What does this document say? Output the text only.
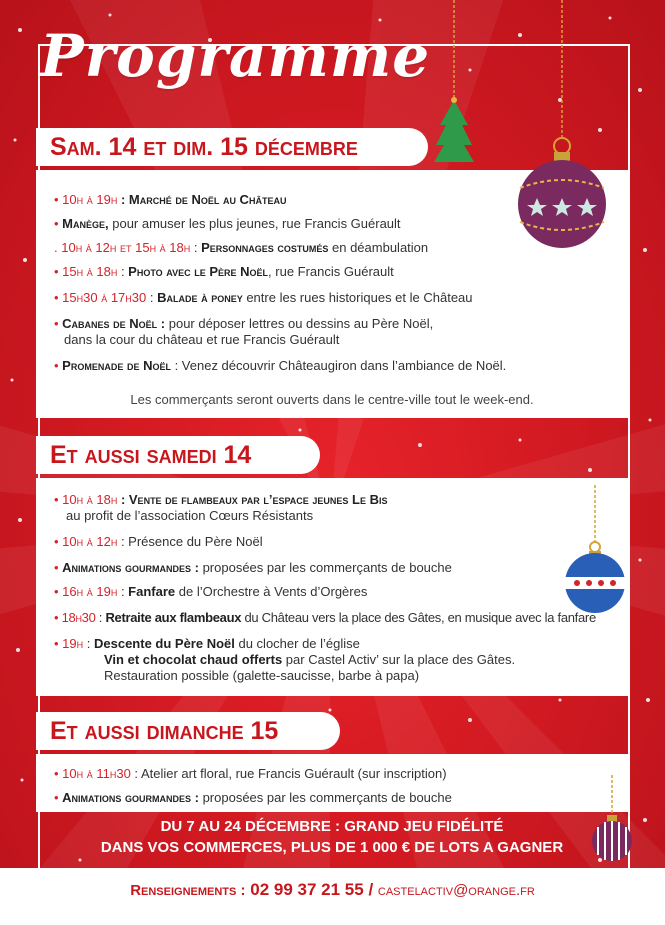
Programme
Sam. 14 et dim. 15 décembre
• 10h à 19h : Marché de Noël au Château
• Manège, pour amuser les plus jeunes, rue Francis Guérault
. 10h à 12h et 15h à 18h : Personnages costumés en déambulation
• 15h à 18h : Photo avec le Père Noël, rue Francis Guérault
• 15h30 à 17h30 : Balade à poney entre les rues historiques et le Château
• Cabanes de Noël : pour déposer lettres ou dessins au Père Noël,
dans la cour du château et rue Francis Guérault
• Promenade de Noël : Venez découvrir Châteaugiron dans l’ambiance de Noël.
Les commerçants seront ouverts dans le centre-ville tout le week-end.
Et aussi samedi 14
• 10h à 18h : Vente de flambeaux par l’espace jeunes Le Bis
au profit de l’association Cœurs Résistants
• 10h à 12h : Présence du Père Noël
• Animations gourmandes : proposées par les commerçants de bouche
• 16h à 19h : Fanfare de l’Orchestre à Vents d’Orgères
• 18h30 : Retraite aux flambeaux du Château vers la place des Gâtes, en musique avec la fanfare
• 19h : Descente du Père Noël du clocher de l’église
Vin et chocolat chaud offerts par Castel Activ’ sur la place des Gâtes.
Restauration possible (galette-saucisse, barbe à papa)
Et aussi dimanche 15
• 10h à 11h30 : Atelier art floral, rue Francis Guérault (sur inscription)
• Animations gourmandes : proposées par les commerçants de bouche
DU 7 AU 24 DÉCEMBRE : GRAND JEU FIDÉLITÉ
DANS VOS COMMERCES, PLUS DE 1 000 € DE LOTS A GAGNER
Renseignements : 02 99 37 21 55 / castelactiv@orange.fr
